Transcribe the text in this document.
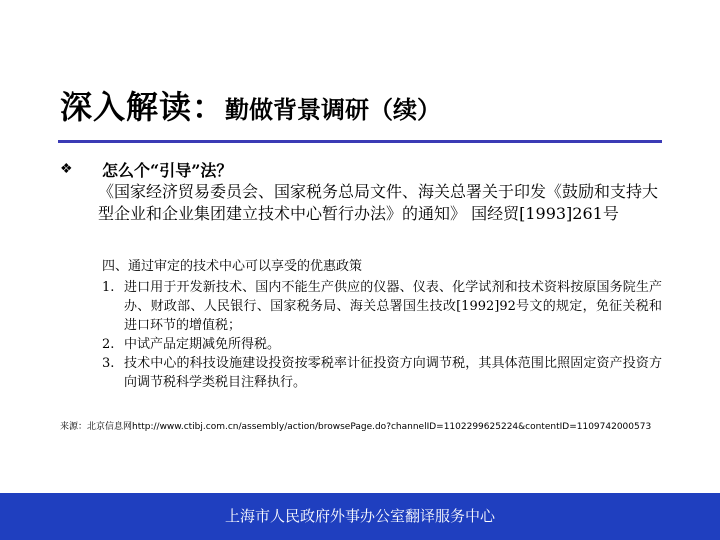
深入解读：勤做背景调研（续）
❖ 怎么个“引导”法？
《国家经济贸易委员会、国家税务总局文件、海关总署关于印发《鼓励和支持大型企业和企业集团建立技术中心暂行办法》的通知》 国经贸[1993]261号
四、通过审定的技术中心可以享受的优惠政策
1. 进口用于开发新技术、国内不能生产供应的仪器、仪表、化学试剂和技术资料按原国务院生产办、财政部、人民银行、国家税务局、海关总署国生技改[1992]92号文的规定，免征关税和进口环节的增值税；
2. 中试产品定期减免所得税。
3. 技术中心的科技设施建设投资按零税率计征投资方向调节税，其具体范围比照固定资产投资方向调节税科学类税目注释执行。
来源：北京信息网http://www.ctibj.com.cn/assembly/action/browsePage.do?channelID=1102299625224&contentID=1109742000573
上海市人民政府外事办公室翻译服务中心
